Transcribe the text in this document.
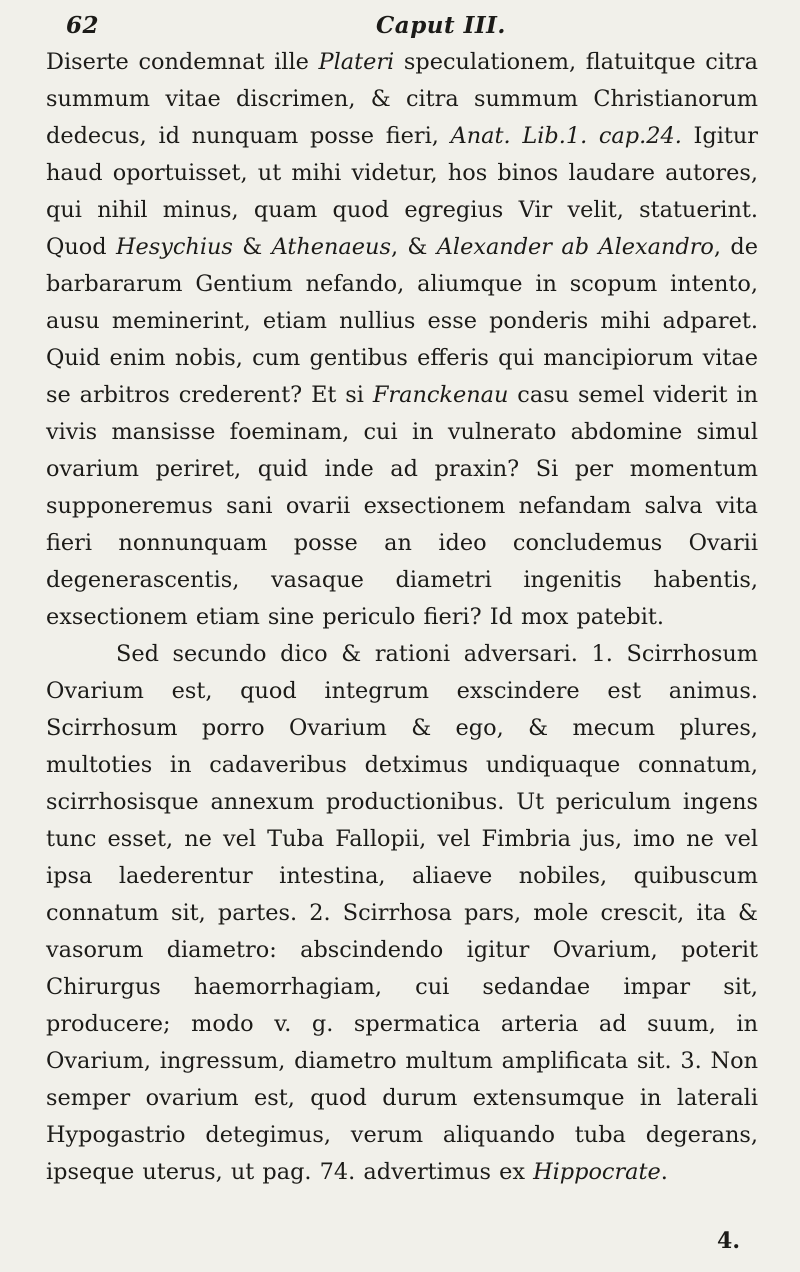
62	Caput III.

Diserte condemnat ille Plateri speculationem, flatuitque citra summum vitae discrimen, & citra summum Christianorum dedecus, id nunquam posse fieri, Anat. Lib.1. cap.24. Igitur haud oportuisset, ut mihi videtur, hos binos laudare autores, qui nihil minus, quam quod egregius Vir velit, statuerint. Quod Hesychius & Athenaeus, & Alexander ab Alexandro, de barbararum Gentium nefando, aliumque in scopum intento, ausu meminerint, etiam nullius esse ponderis mihi adparet. Quid enim nobis, cum gentibus efferis qui mancipiorum vitae se arbitros crederent? Et si Franckenau casu semel viderit in vivis mansisse foeminam, cui in vulnerato abdomine simul ovarium periret, quid inde ad praxin? Si per momentum supponeremus sani ovarii exsectionem nefandam salva vita fieri nonnunquam posse an ideo concludemus Ovarii degenerascentis, vasaque diametri ingenitis habentis, exsectionem etiam sine periculo fieri? Id mox patebit.

Sed secundo dico & rationi adversari. 1. Scirrhosum Ovarium est, quod integrum exscindere est animus. Scirrhosum porro Ovarium & ego, & mecum plures, multoties in cadaveribus detximus undiquaque connatum, scirrhosisque annexum productionibus. Ut periculum ingens tunc esset, ne vel Tuba Fallopii, vel Fimbria jus, imo ne vel ipsa laederentur intestina, aliaeve nobiles, quibuscum connatum sit, partes. 2. Scirrhosa pars, mole crescit, ita & vasorum diametro: abscindendo igitur Ovarium, poterit Chirurgus haemorrhagiam, cui sedandae impar sit, producere; modo v. g. spermatica arteria ad suum, in Ovarium, ingressum, diametro multum amplificata sit. 3. Non semper ovarium est, quod durum extensumque in laterali Hypogastrio detegimus, verum aliquando tuba degerans, ipseque uterus, ut pag. 74. advertimus ex Hippocrate.

4.
